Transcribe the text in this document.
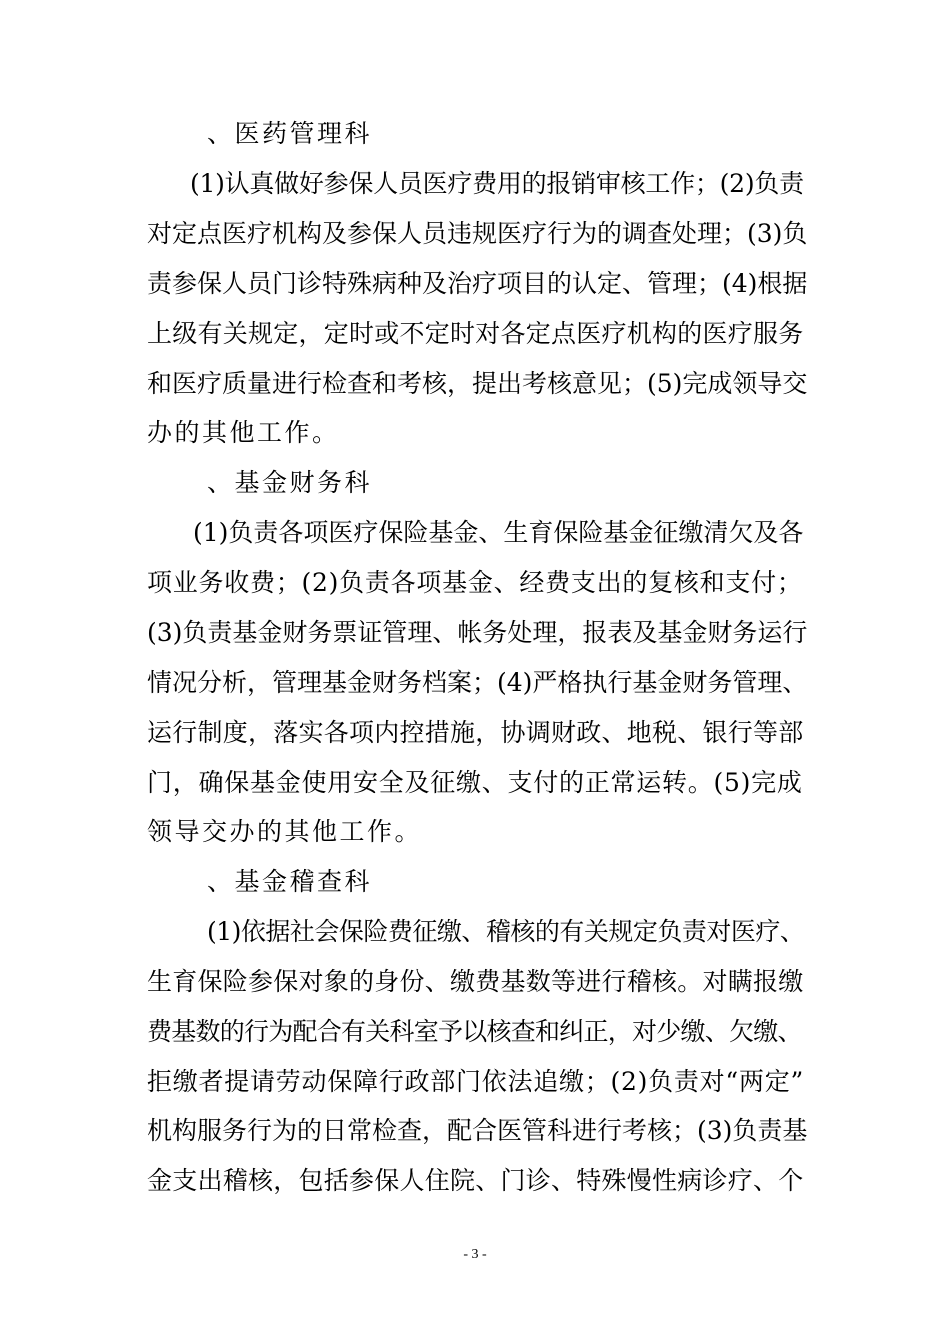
、医药管理科
(1)认真做好参保人员医疗费用的报销审核工作；(2)负责
对定点医疗机构及参保人员违规医疗行为的调查处理；(3)负
责参保人员门诊特殊病种及治疗项目的认定、管理；(4)根据
上级有关规定，定时或不定时对各定点医疗机构的医疗服务
和医疗质量进行检查和考核，提出考核意见；(5)完成领导交
办的其他工作。
、基金财务科
(1)负责各项医疗保险基金、生育保险基金征缴清欠及各
项业务收费；(2)负责各项基金、经费支出的复核和支付；
(3)负责基金财务票证管理、帐务处理，报表及基金财务运行
情况分析，管理基金财务档案；(4)严格执行基金财务管理、
运行制度，落实各项内控措施，协调财政、地税、银行等部
门，确保基金使用安全及征缴、支付的正常运转。(5)完成
领导交办的其他工作。
、基金稽查科
(1)依据社会保险费征缴、稽核的有关规定负责对医疗、
生育保险参保对象的身份、缴费基数等进行稽核。对瞒报缴
费基数的行为配合有关科室予以核查和纠正，对少缴、欠缴、
拒缴者提请劳动保障行政部门依法追缴；(2)负责对“两定”
机构服务行为的日常检查，配合医管科进行考核；(3)负责基
金支出稽核，包括参保人住院、门诊、特殊慢性病诊疗、个
- 3 -
